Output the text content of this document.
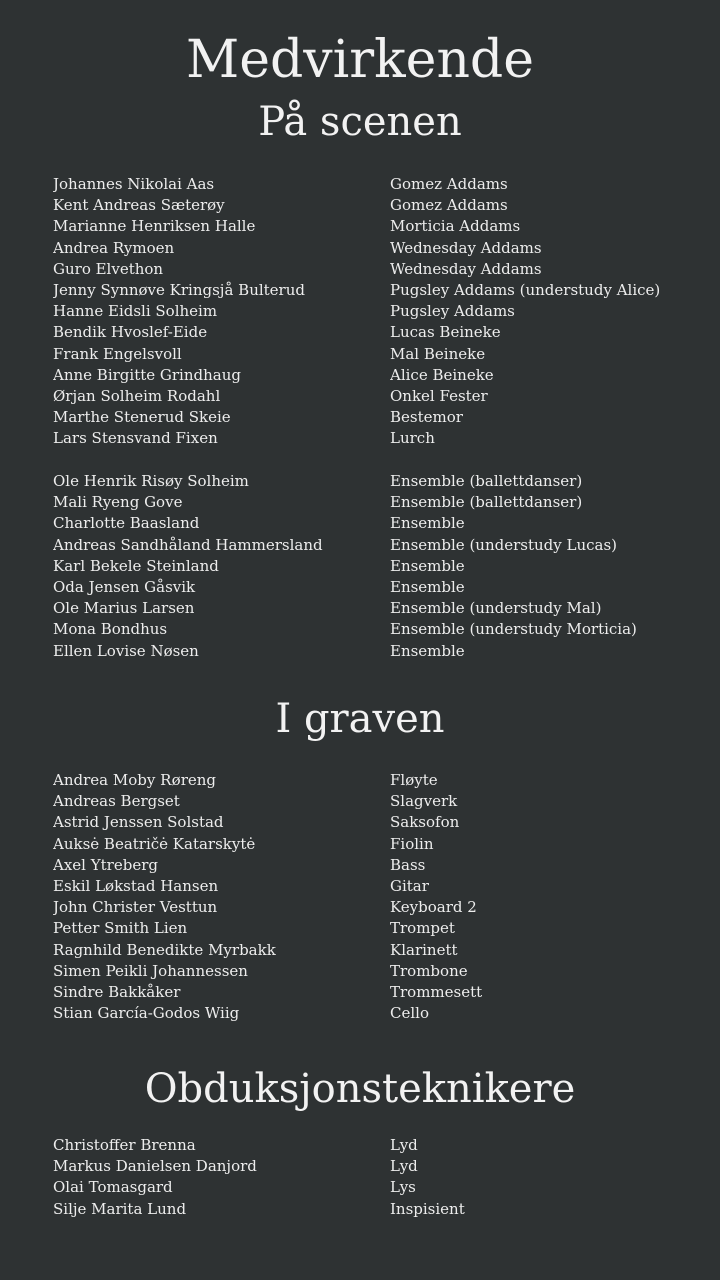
Medvirkende
På scenen
Johannes Nikolai Aas	Gomez Addams
Kent Andreas Sæterøy	Gomez Addams
Marianne Henriksen Halle	Morticia Addams
Andrea Rymoen	Wednesday Addams
Guro Elvethon	Wednesday Addams
Jenny Synnøve Kringsjå Bulterud	Pugsley Addams (understudy Alice)
Hanne Eidsli Solheim	Pugsley Addams
Bendik Hvoslef-Eide	Lucas Beineke
Frank Engelsvoll	Mal Beineke
Anne Birgitte Grindhaug	Alice Beineke
Ørjan Solheim Rodahl	Onkel Fester
Marthe Stenerud Skeie	Bestemor
Lars Stensvand Fixen	Lurch
Ole Henrik Risøy Solheim	Ensemble (ballettdanser)
Mali Ryeng Gove	Ensemble (ballettdanser)
Charlotte Baasland	Ensemble
Andreas Sandhåland Hammersland	Ensemble (understudy Lucas)
Karl Bekele Steinland	Ensemble
Oda Jensen Gåsvik	Ensemble
Ole Marius Larsen	Ensemble (understudy Mal)
Mona Bondhus	Ensemble (understudy Morticia)
Ellen Lovise Nøsen	Ensemble
I graven
Andrea Moby Røreng	Fløyte
Andreas Bergset	Slagverk
Astrid Jenssen Solstad	Saksofon
Auksė Beatričė Katarskytė	Fiolin
Axel Ytreberg	Bass
Eskil Løkstad Hansen	Gitar
John Christer Vesttun	Keyboard 2
Petter Smith Lien	Trompet
Ragnhild Benedikte Myrbakk	Klarinett
Simen Peikli Johannessen	Trombone
Sindre Bakkåker	Trommesett
Stian García-Godos Wiig	Cello
Obduksjonsteknikere
Christoffer Brenna	Lyd
Markus Danielsen Danjord	Lyd
Olai Tomasgard	Lys
Silje Marita Lund	Inspisient
